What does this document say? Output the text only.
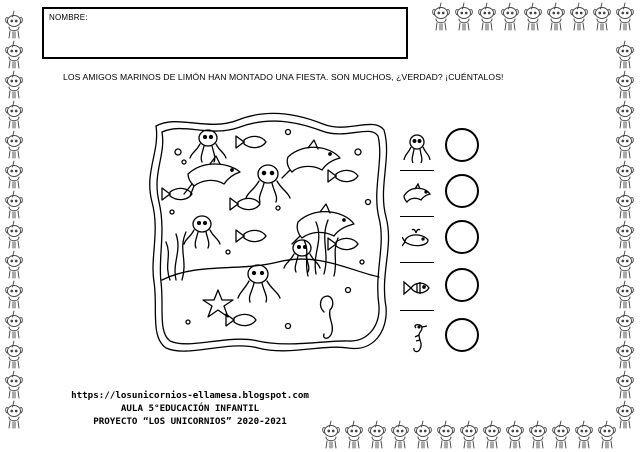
NOMBRE:
LOS AMIGOS MARINOS DE LIMÓN HAN MONTADO UNA FIESTA. SON MUCHOS, ¿VERDAD? ¡CUÉNTALOS!
https://losunicornios-ellamesa.blogspot.com
AULA 5°EDUCACIÓN INFANTIL
PROYECTO “LOS UNICORNIOS” 2020-2021
